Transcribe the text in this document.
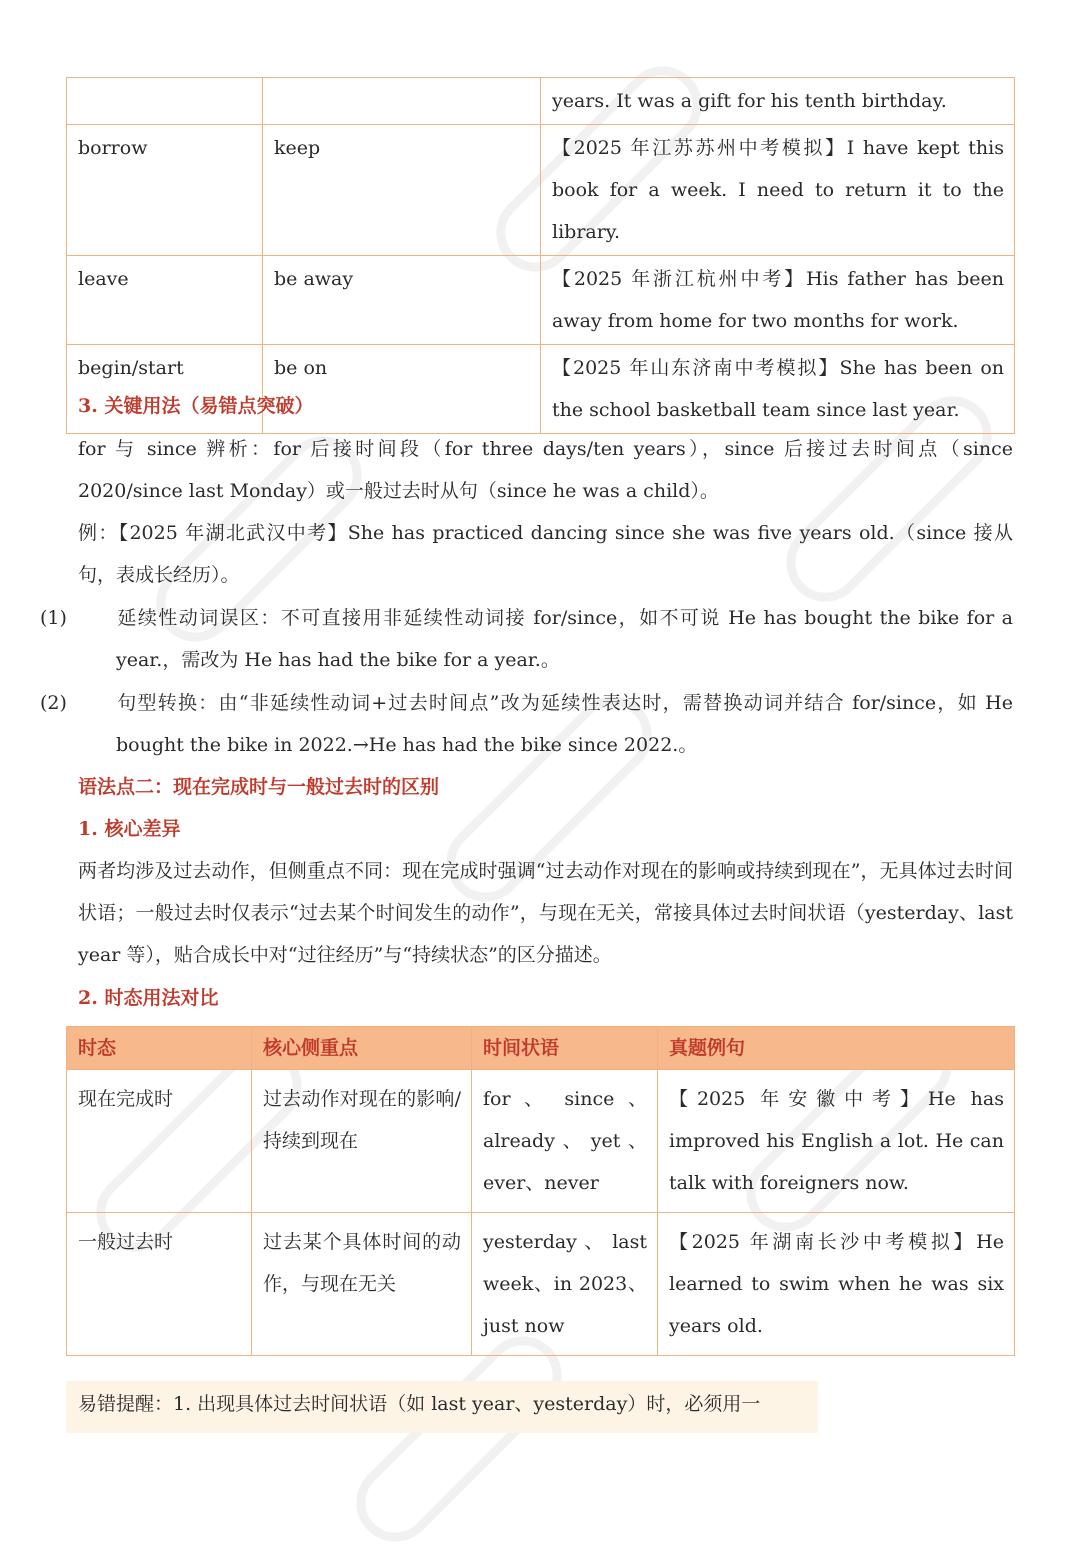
		years. It was a gift for his tenth birthday.
borrow	keep	【2025 年江苏苏州中考模拟】I have kept this book for a week. I need to return it to the library.
leave	be away	【2025 年浙江杭州中考】His father has been away from home for two months for work.
begin/start	be on	【2025 年山东济南中考模拟】She has been on the school basketball team since last year.
3. 关键用法（易错点突破）
for 与 since 辨析：for 后接时间段（for three days/ten years），since 后接过去时间点（since 2020/since last Monday）或一般过去时从句（since he was a child）。
例：【2025 年湖北武汉中考】She has practiced dancing since she was five years old.（since 接从句，表成长经历）。
(1)	延续性动词误区：不可直接用非延续性动词接 for/since，如不可说 He has bought the bike for a year.，需改为 He has had the bike for a year.。
(2)	句型转换：由“非延续性动词+过去时间点”改为延续性表达时，需替换动词并结合 for/since，如 He bought the bike in 2022.→He has had the bike since 2022.。
语法点二：现在完成时与一般过去时的区别
1. 核心差异
两者均涉及过去动作，但侧重点不同：现在完成时强调“过去动作对现在的影响或持续到现在”，无具体过去时间状语；一般过去时仅表示“过去某个时间发生的动作”，与现在无关，常接具体过去时间状语（yesterday、last year 等），贴合成长中对“过往经历”与“持续状态”的区分描述。
2. 时态用法对比
时态	核心侧重点	时间状语	真题例句
现在完成时	过去动作对现在的影响/持续到现在	for 、 since 、 already 、 yet 、 ever、never	【2025 年安徽中考】He has improved his English a lot. He can talk with foreigners now.
一般过去时	过去某个具体时间的动作，与现在无关	yesterday 、 last week、in 2023、just now	【2025 年湖南长沙中考模拟】He learned to swim when he was six years old.
易错提醒：1. 出现具体过去时间状语（如 last year、yesterday）时，必须用一
